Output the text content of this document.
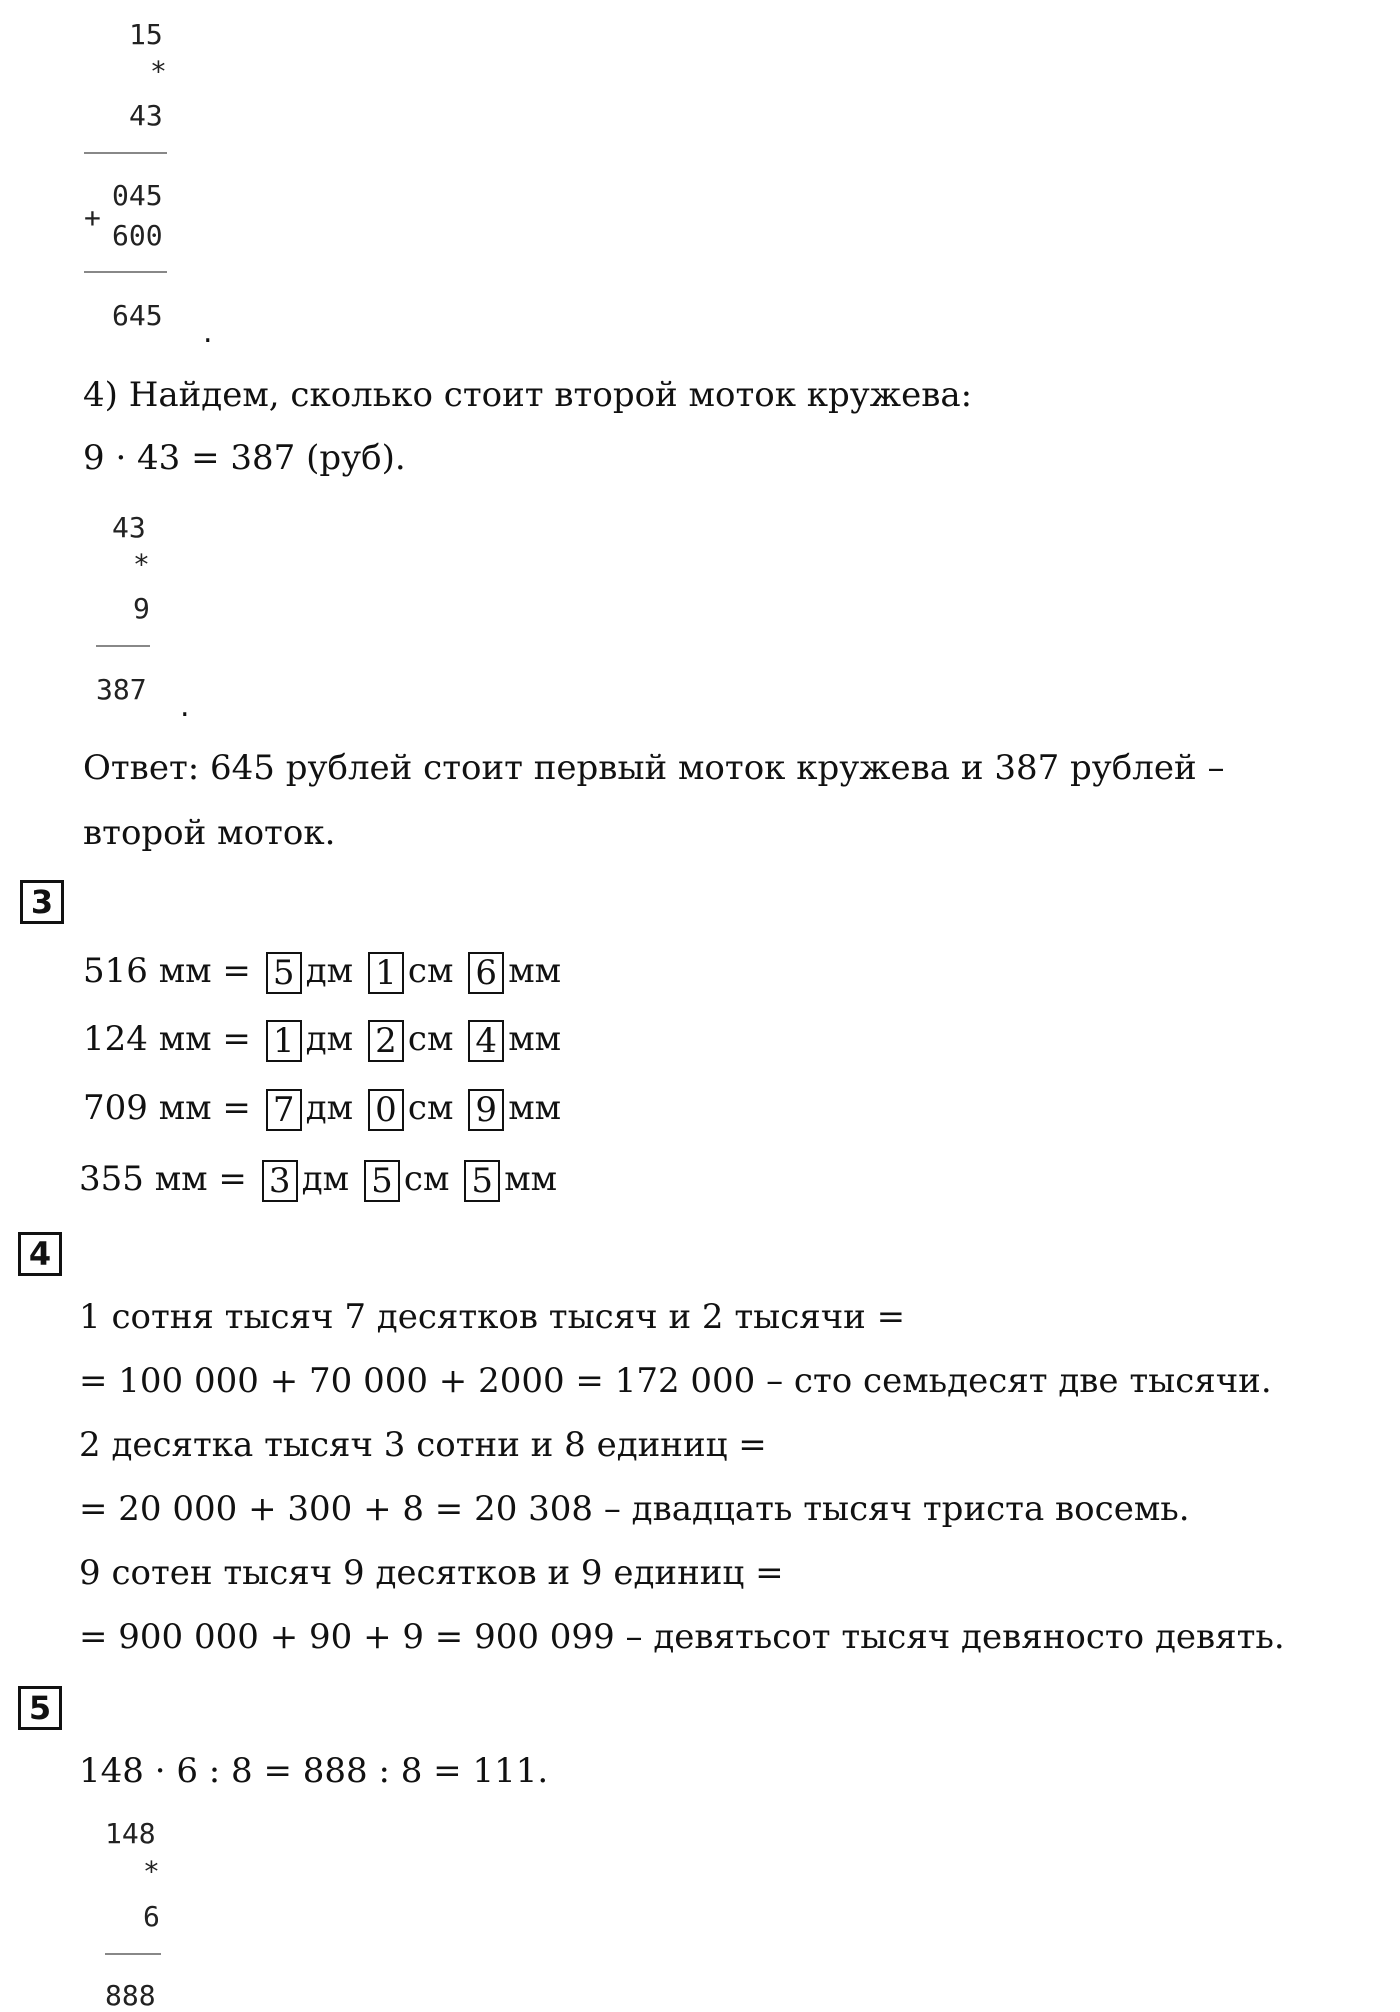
15
*
43
045
+
600
645 .
4) Найдем, сколько стоит второй моток кружева:
9 · 43 = 387 (руб).
43
*
9
387 .
Ответ: 645 рублей стоит первый моток кружева и 387 рублей –
второй моток.
3
516 мм = 5 дм 1 см 6 мм
124 мм = 1 дм 2 см 4 мм
709 мм = 7 дм 0 см 9 мм
355 мм = 3 дм 5 см 5 мм
4
1 сотня тысяч 7 десятков тысяч и 2 тысячи =
= 100 000 + 70 000 + 2000 = 172 000 – сто семьдесят две тысячи.
2 десятка тысяч 3 сотни и 8 единиц =
= 20 000 + 300 + 8 = 20 308 – двадцать тысяч триста восемь.
9 сотен тысяч 9 десятков и 9 единиц =
= 900 000 + 90 + 9 = 900 099 – девятьсот тысяч девяносто девять.
5
148 · 6 : 8 = 888 : 8 = 111.
148
*
6
888
